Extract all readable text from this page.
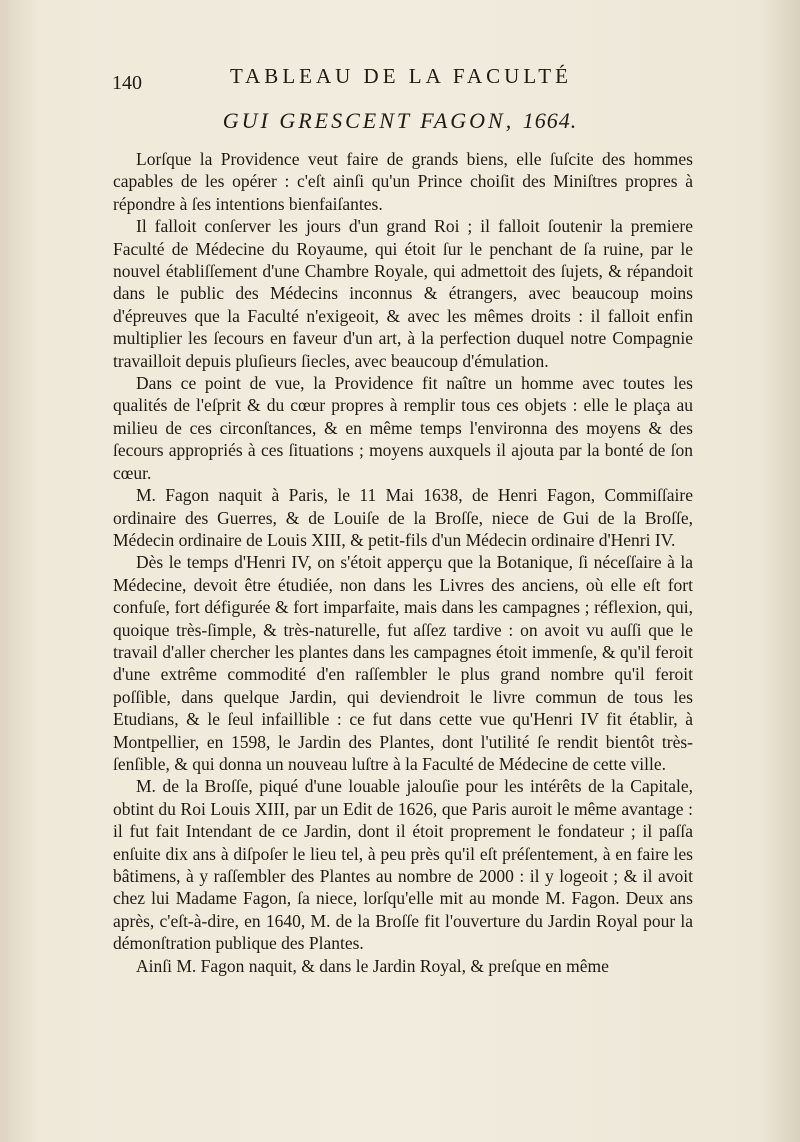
140	TABLEAU DE LA FACULTÉ
GUI GRESCENT FAGON, 1664.

Lorſque la Providence veut faire de grands biens, elle ſuſcite des hommes capables de les opérer : c'eſt ainſi qu'un Prince choiſit des Miniſtres propres à répondre à ſes intentions bienfaiſantes.

Il falloit conſerver les jours d'un grand Roi ; il falloit ſoutenir la premiere Faculté de Médecine du Royaume, qui étoit ſur le penchant de ſa ruine, par le nouvel établiſſement d'une Chambre Royale, qui admettoit des ſujets, & répandoit dans le public des Médecins inconnus & étrangers, avec beaucoup moins d'épreuves que la Faculté n'exigeoit, & avec les mêmes droits : il falloit enfin multiplier les ſecours en faveur d'un art, à la perfection duquel notre Compagnie travailloit depuis pluſieurs ſiecles, avec beaucoup d'émulation.

Dans ce point de vue, la Providence fit naître un homme avec toutes les qualités de l'eſprit & du cœur propres à remplir tous ces objets : elle le plaça au milieu de ces circonſtances, & en même temps l'environna des moyens & des ſecours appropriés à ces ſituations ; moyens auxquels il ajouta par la bonté de ſon cœur.

M. Fagon naquit à Paris, le 11 Mai 1638, de Henri Fagon, Commiſſaire ordinaire des Guerres, & de Louiſe de la Broſſe, niece de Gui de la Broſſe, Médecin ordinaire de Louis XIII, & petit-fils d'un Médecin ordinaire d'Henri IV.

Dès le temps d'Henri IV, on s'étoit apperçu que la Botanique, ſi néceſſaire à la Médecine, devoit être étudiée, non dans les Livres des anciens, où elle eſt fort confuſe, fort défigurée & fort imparfaite, mais dans les campagnes ; réflexion, qui, quoique très-ſimple, & très-naturelle, fut aſſez tardive : on avoit vu auſſi que le travail d'aller chercher les plantes dans les campagnes étoit immenſe, & qu'il feroit d'une extrême commodité d'en raſſembler le plus grand nombre qu'il feroit poſſible, dans quelque Jardin, qui deviendroit le livre commun de tous les Etudians, & le ſeul infaillible : ce fut dans cette vue qu'Henri IV fit établir, à Montpellier, en 1598, le Jardin des Plantes, dont l'utilité ſe rendit bientôt très-ſenſible, & qui donna un nouveau luſtre à la Faculté de Médecine de cette ville.

M. de la Broſſe, piqué d'une louable jalouſie pour les intérêts de la Capitale, obtint du Roi Louis XIII, par un Edit de 1626, que Paris auroit le même avantage : il fut fait Intendant de ce Jardin, dont il étoit proprement le fondateur ; il paſſa enſuite dix ans à diſpoſer le lieu tel, à peu près qu'il eſt préſentement, à en faire les bâtimens, à y raſſembler des Plantes au nombre de 2000 : il y logeoit ; & il avoit chez lui Madame Fagon, ſa niece, lorſqu'elle mit au monde M. Fagon. Deux ans après, c'eſt-à-dire, en 1640, M. de la Broſſe fit l'ouverture du Jardin Royal pour la démonſtration publique des Plantes.

Ainſi M. Fagon naquit, & dans le Jardin Royal, & preſque en même
